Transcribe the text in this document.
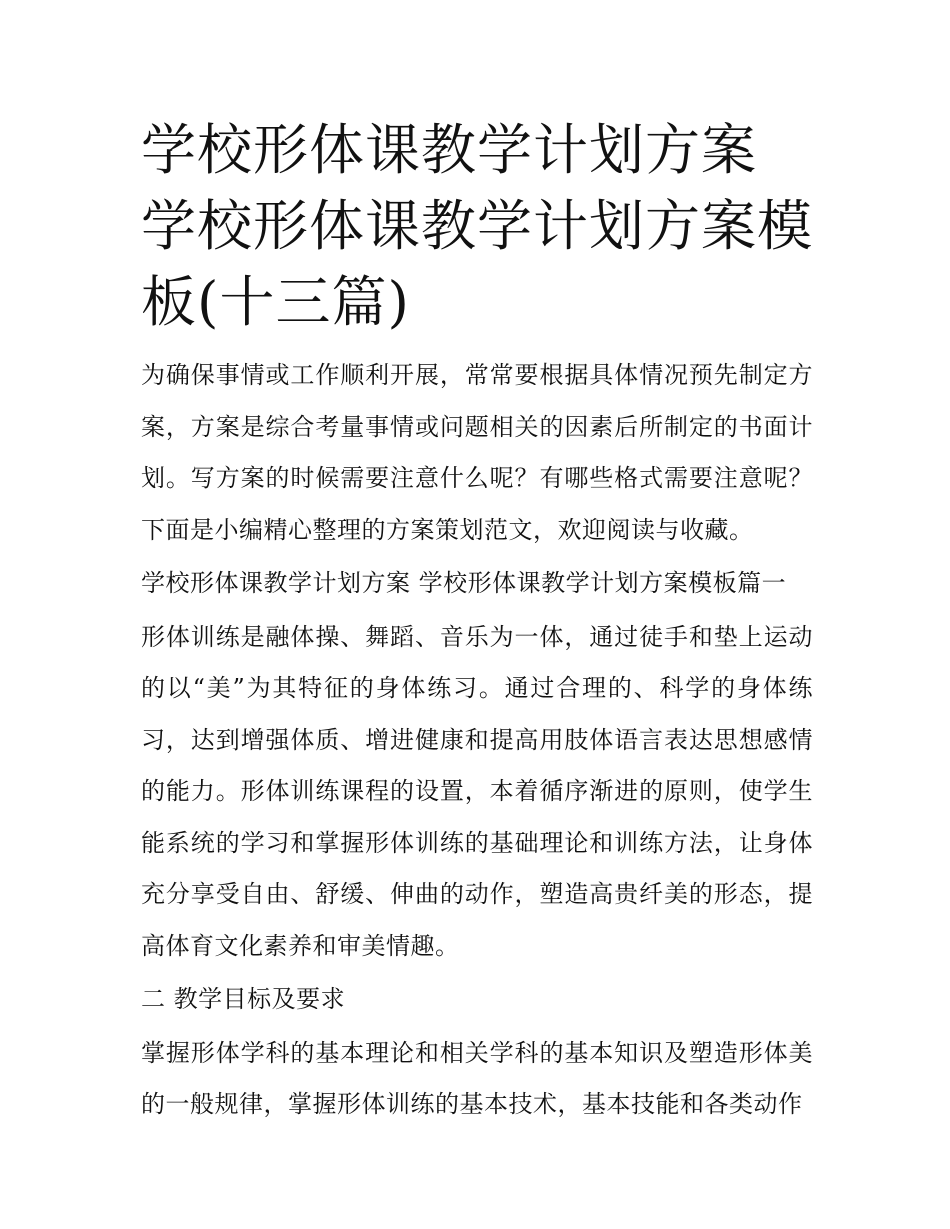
学校形体课教学计划方案 学校形体课教学计划方案模板(十三篇)

为确保事情或工作顺利开展，常常要根据具体情况预先制定方案，方案是综合考量事情或问题相关的因素后所制定的书面计划。写方案的时候需要注意什么呢？有哪些格式需要注意呢？下面是小编精心整理的方案策划范文，欢迎阅读与收藏。

学校形体课教学计划方案 学校形体课教学计划方案模板篇一

形体训练是融体操、舞蹈、音乐为一体，通过徒手和垫上运动的以“美”为其特征的身体练习。通过合理的、科学的身体练习，达到增强体质、增进健康和提高用肢体语言表达思想感情的能力。形体训练课程的设置，本着循序渐进的原则，使学生能系统的学习和掌握形体训练的基础理论和训练方法，让身体充分享受自由、舒缓、伸曲的动作，塑造高贵纤美的形态，提高体育文化素养和审美情趣。

二 教学目标及要求

掌握形体学科的基本理论和相关学科的基本知识及塑造形体美的一般规律，掌握形体训练的基本技术，基本技能和各类动作
